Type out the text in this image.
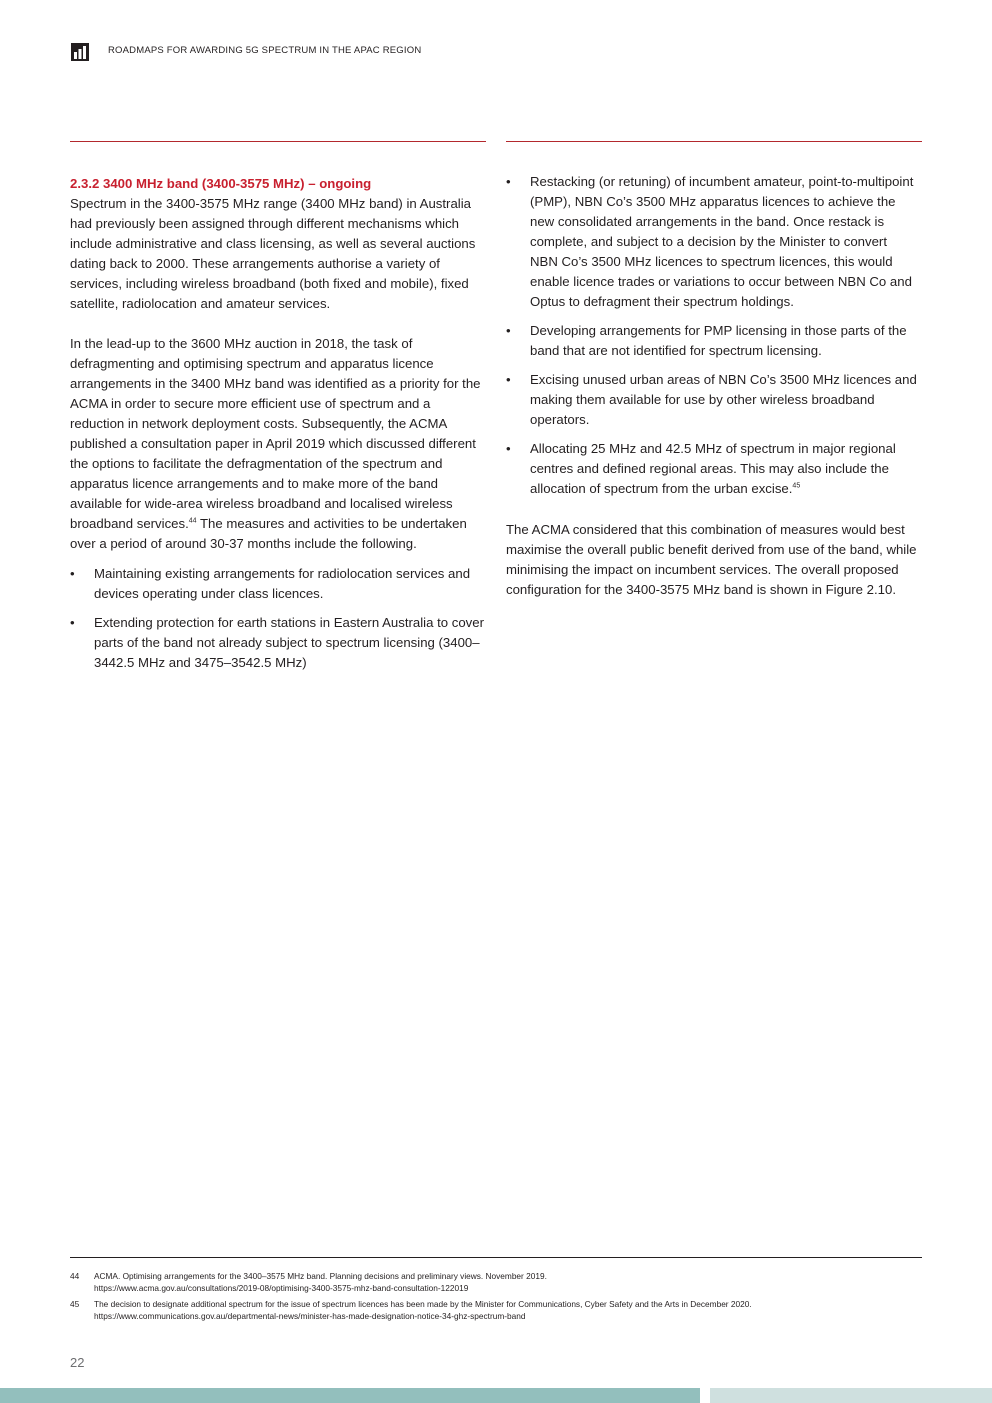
ROADMAPS FOR AWARDING 5G SPECTRUM IN THE APAC REGION
2.3.2 3400 MHz band (3400-3575 MHz) – ongoing

Spectrum in the 3400-3575 MHz range (3400 MHz band) in Australia had previously been assigned through different mechanisms which include administrative and class licensing, as well as several auctions dating back to 2000. These arrangements authorise a variety of services, including wireless broadband (both fixed and mobile), fixed satellite, radiolocation and amateur services.

In the lead-up to the 3600 MHz auction in 2018, the task of defragmenting and optimising spectrum and apparatus licence arrangements in the 3400 MHz band was identified as a priority for the ACMA in order to secure more efficient use of spectrum and a reduction in network deployment costs. Subsequently, the ACMA published a consultation paper in April 2019 which discussed different the options to facilitate the defragmentation of the spectrum and apparatus licence arrangements and to make more of the band available for wide-area wireless broadband and localised wireless broadband services.$^{44}$ The measures and activities to be undertaken over a period of around 30-37 months include the following.

• Maintaining existing arrangements for radiolocation services and devices operating under class licences.
• Extending protection for earth stations in Eastern Australia to cover parts of the band not already subject to spectrum licensing (3400–3442.5 MHz and 3475–3542.5 MHz)
• Restacking (or retuning) of incumbent amateur, point-to-multipoint (PMP), NBN Co’s 3500 MHz apparatus licences to achieve the new consolidated arrangements in the band. Once restack is complete, and subject to a decision by the Minister to convert NBN Co’s 3500 MHz licences to spectrum licences, this would enable licence trades or variations to occur between NBN Co and Optus to defragment their spectrum holdings.
• Developing arrangements for PMP licensing in those parts of the band that are not identified for spectrum licensing.
• Excising unused urban areas of NBN Co’s 3500 MHz licences and making them available for use by other wireless broadband operators.
• Allocating 25 MHz and 42.5 MHz of spectrum in major regional centres and defined regional areas. This may also include the allocation of spectrum from the urban excise.$^{45}$

The ACMA considered that this combination of measures would best maximise the overall public benefit derived from use of the band, while minimising the impact on incumbent services. The overall proposed configuration for the 3400-3575 MHz band is shown in Figure 2.10.

44 ACMA. Optimising arrangements for the 3400–3575 MHz band. Planning decisions and preliminary views. November 2019.
https://www.acma.gov.au/consultations/2019-08/optimising-3400-3575-mhz-band-consultation-122019
45 The decision to designate additional spectrum for the issue of spectrum licences has been made by the Minister for Communications, Cyber Safety and the Arts in December 2020.
https://www.communications.gov.au/departmental-news/minister-has-made-designation-notice-34-ghz-spectrum-band
22
